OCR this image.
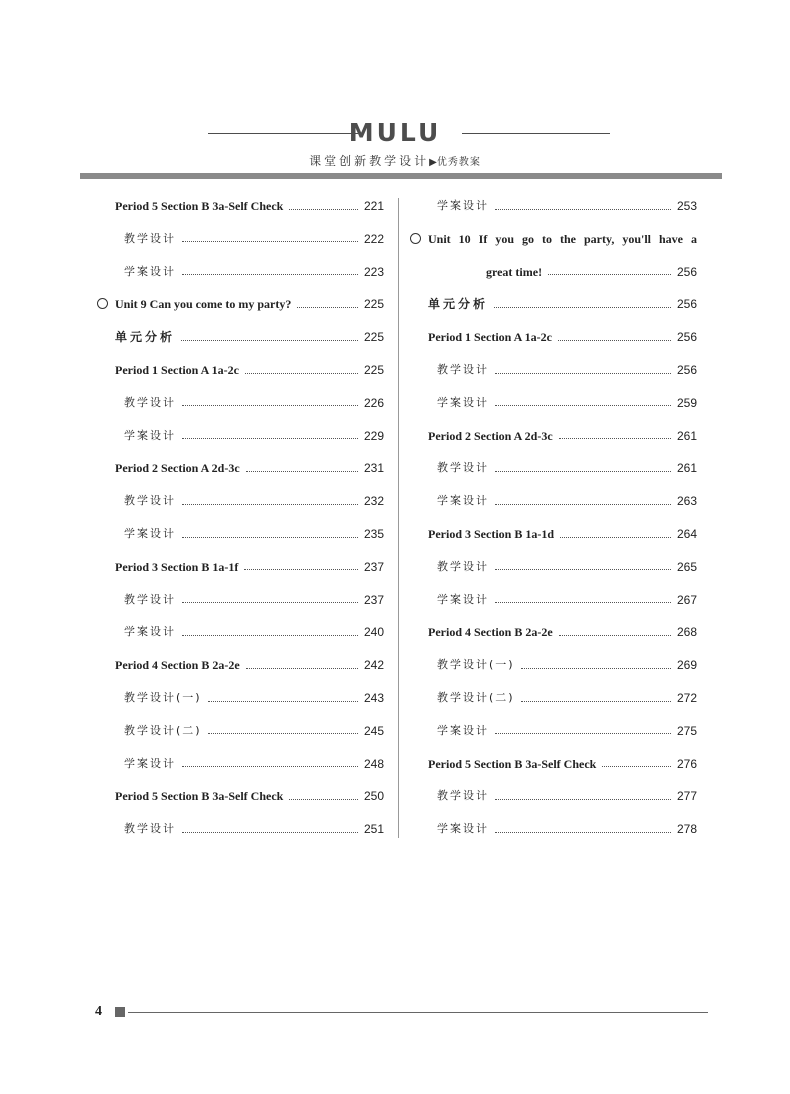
MULU
课堂创新教学设计▶优秀教案
Period 5 Section B 3a-Self Check	221
教学设计	222
学案设计	223
Unit 9 Can you come to my party?	225
单元分析	225
Period 1 Section A 1a-2c	225
教学设计	226
学案设计	229
Period 2 Section A 2d-3c	231
教学设计	232
学案设计	235
Period 3 Section B 1a-1f	237
教学设计	237
学案设计	240
Period 4 Section B 2a-2e	242
教学设计(一)	243
教学设计(二)	245
学案设计	248
Period 5 Section B 3a-Self Check	250
教学设计	251
学案设计	253
Unit 10 If you go to the party, you'll have a
great time!	256
单元分析	256
Period 1 Section A 1a-2c	256
教学设计	256
学案设计	259
Period 2 Section A 2d-3c	261
教学设计	261
学案设计	263
Period 3 Section B 1a-1d	264
教学设计	265
学案设计	267
Period 4 Section B 2a-2e	268
教学设计(一)	269
教学设计(二)	272
学案设计	275
Period 5 Section B 3a-Self Check	276
教学设计	277
学案设计	278
4
